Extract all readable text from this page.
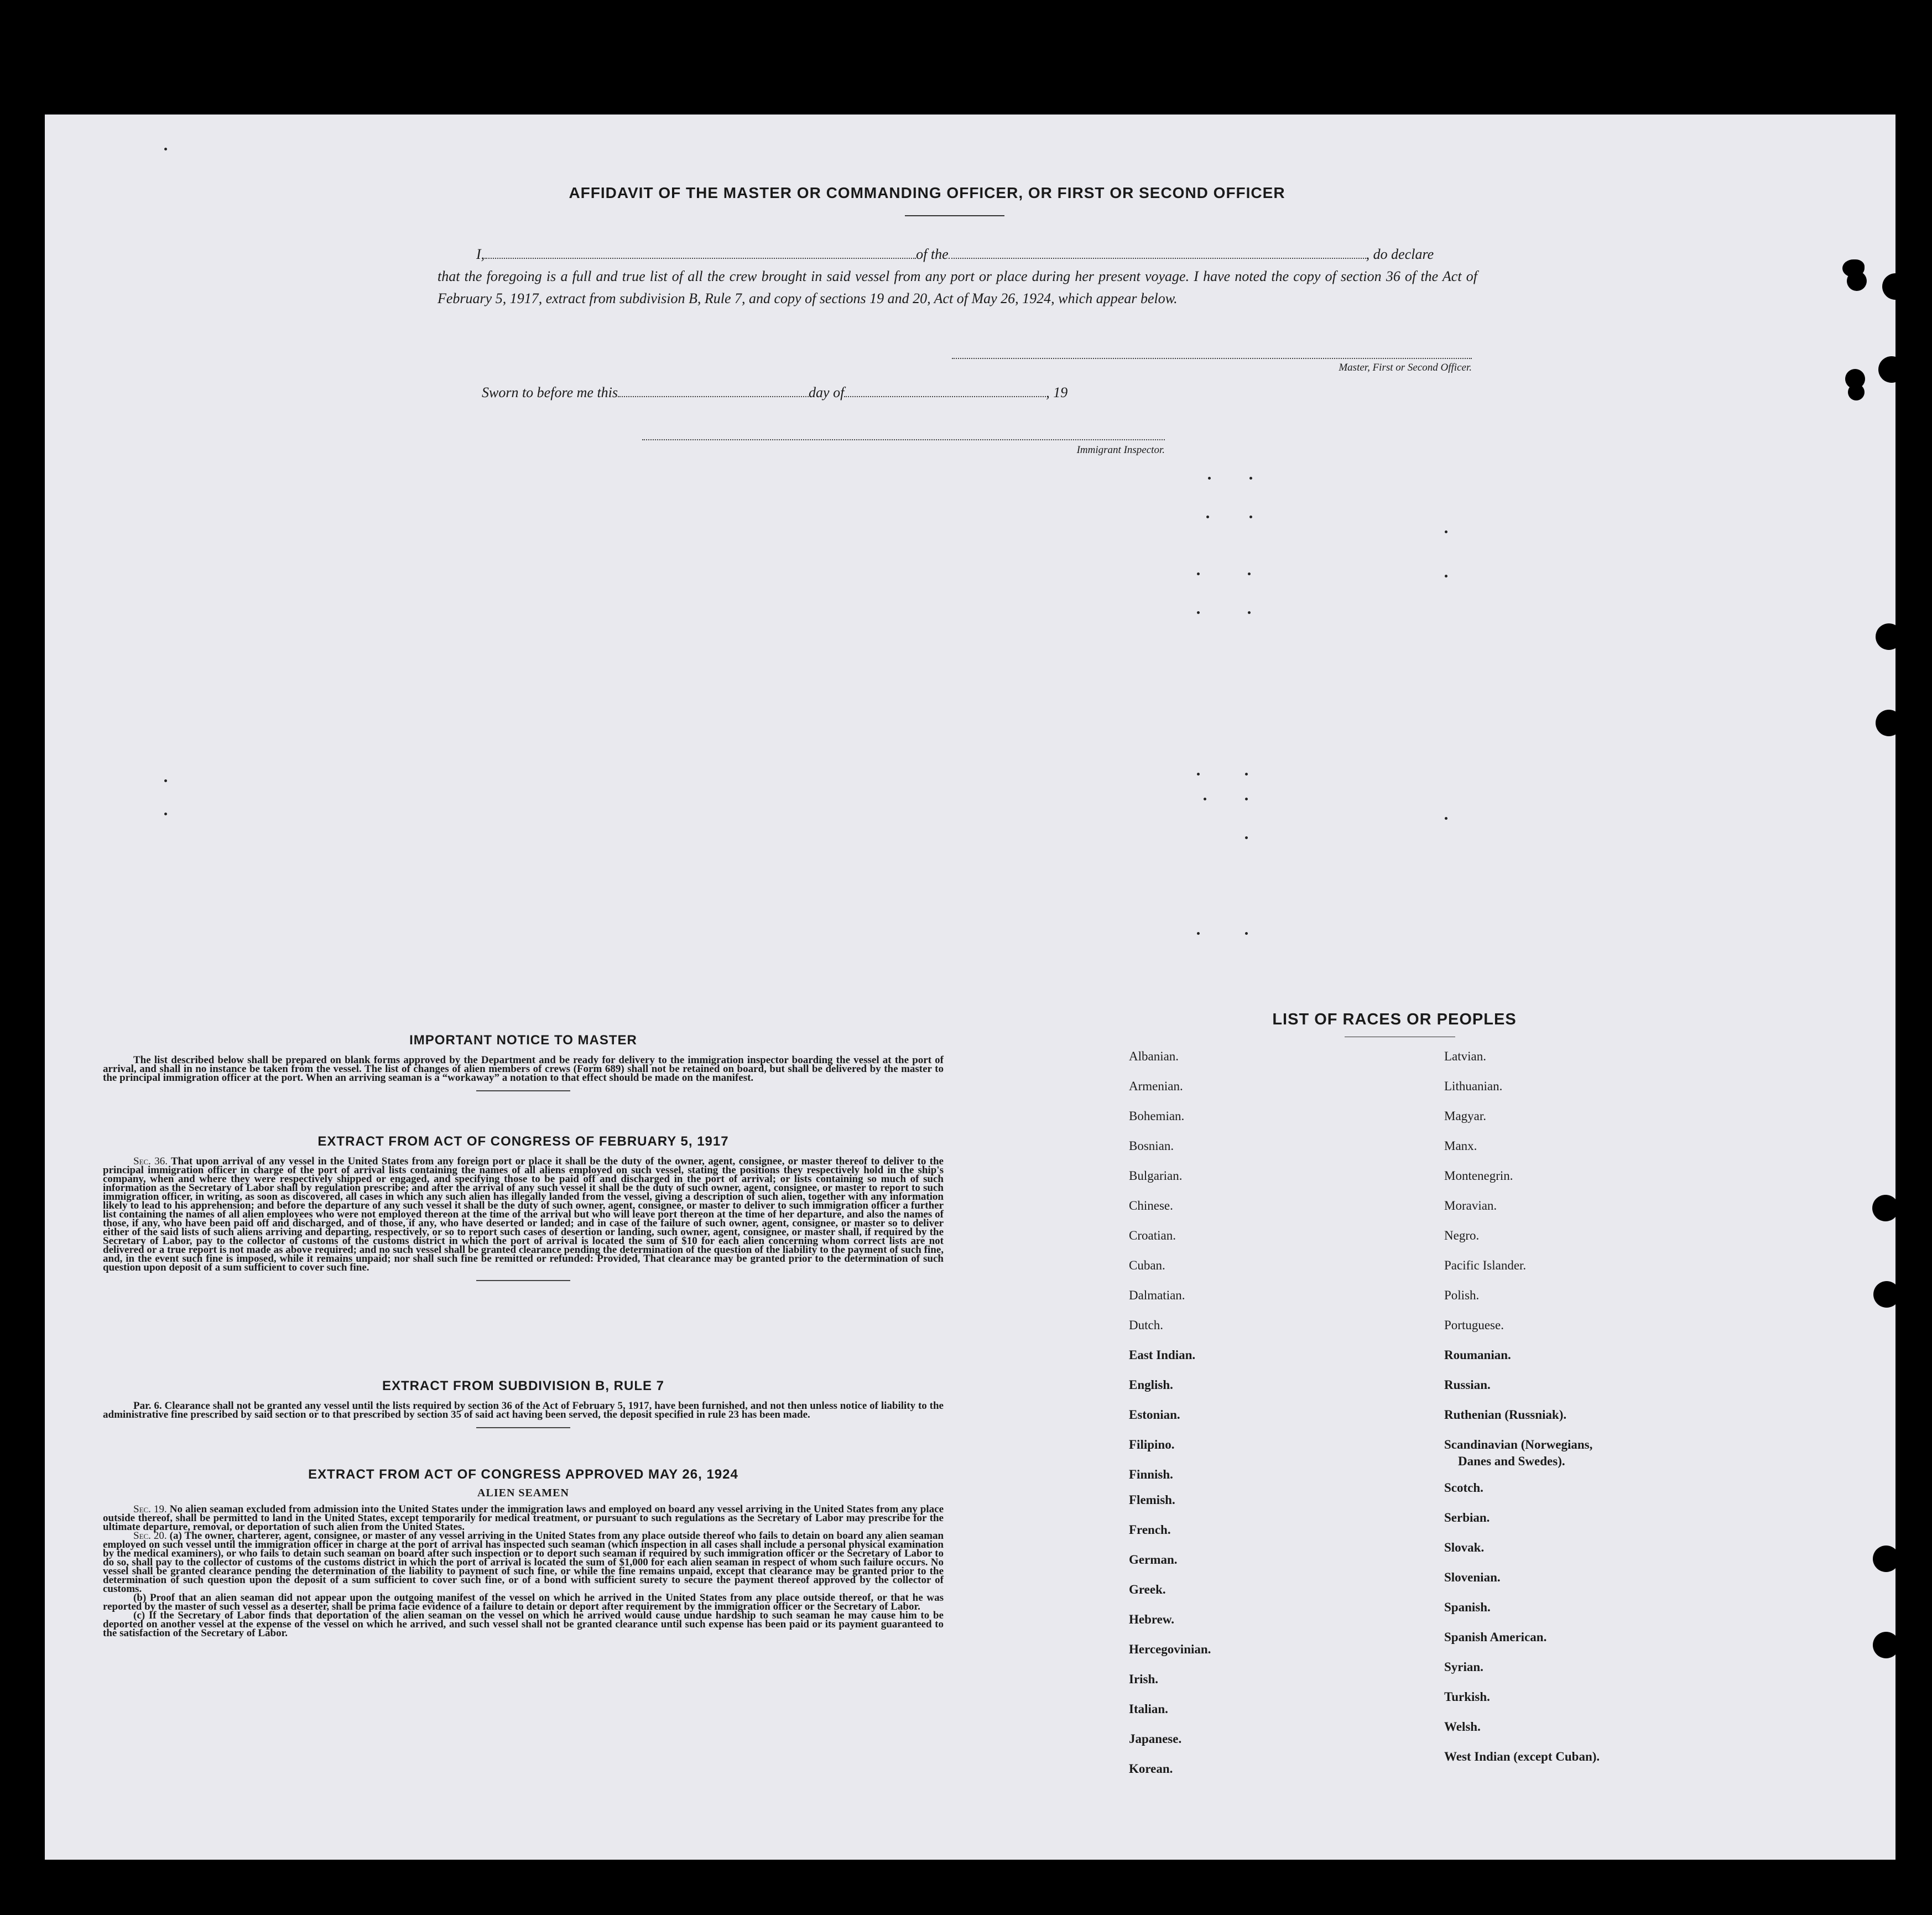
AFFIDAVIT OF THE MASTER OR COMMANDING OFFICER, OR FIRST OR SECOND OFFICER
I,	of the	, do declare
that the foregoing is a full and true list of all the crew brought in said vessel from any port or place during her present voyage. I have noted the copy of section 36 of the Act of February 5, 1917, extract from subdivision B, Rule 7, and copy of sections 19 and 20, Act of May 26, 1924, which appear below.
Master, First or Second Officer.
Sworn to before me this	day of	, 19
Immigrant Inspector.
IMPORTANT NOTICE TO MASTER
The list described below shall be prepared on blank forms approved by the Department and be ready for delivery to the immigration inspector boarding the vessel at the port of arrival, and shall in no instance be taken from the vessel. The list of changes of alien members of crews (Form 689) shall not be retained on board, but shall be delivered by the master to the principal immigration officer at the port. When an arriving seaman is a “workaway” a notation to that effect should be made on the manifest.
EXTRACT FROM ACT OF CONGRESS OF FEBRUARY 5, 1917
Sec. 36. That upon arrival of any vessel in the United States from any foreign port or place it shall be the duty of the owner, agent, consignee, or master thereof to deliver to the principal immigration officer in charge of the port of arrival lists containing the names of all aliens employed on such vessel, stating the positions they respectively hold in the ship's company, when and where they were respectively shipped or engaged, and specifying those to be paid off and discharged in the port of arrival; or lists containing so much of such information as the Secretary of Labor shall by regulation prescribe; and after the arrival of any such vessel it shall be the duty of such owner, agent, consignee, or master to report to such immigration officer, in writing, as soon as discovered, all cases in which any such alien has illegally landed from the vessel, giving a description of such alien, together with any information likely to lead to his apprehension; and before the departure of any such vessel it shall be the duty of such owner, agent, consignee, or master to deliver to such immigration officer a further list containing the names of all alien employees who were not employed thereon at the time of the arrival but who will leave port thereon at the time of her departure, and also the names of those, if any, who have been paid off and discharged, and of those, if any, who have deserted or landed; and in case of the failure of such owner, agent, consignee, or master so to deliver either of the said lists of such aliens arriving and departing, respectively, or so to report such cases of desertion or landing, such owner, agent, consignee, or master shall, if required by the Secretary of Labor, pay to the collector of customs of the customs district in which the port of arrival is located the sum of $10 for each alien concerning whom correct lists are not delivered or a true report is not made as above required; and no such vessel shall be granted clearance pending the determination of the question of the liability to the payment of such fine, and, in the event such fine is imposed, while it remains unpaid; nor shall such fine be remitted or refunded: Provided, That clearance may be granted prior to the determination of such question upon deposit of a sum sufficient to cover such fine.
EXTRACT FROM SUBDIVISION B, RULE 7
Par. 6. Clearance shall not be granted any vessel until the lists required by section 36 of the Act of February 5, 1917, have been furnished, and not then unless notice of liability to the administrative fine prescribed by said section or to that prescribed by section 35 of said act having been served, the deposit specified in rule 23 has been made.
EXTRACT FROM ACT OF CONGRESS APPROVED MAY 26, 1924
ALIEN SEAMEN
Sec. 19. No alien seaman excluded from admission into the United States under the immigration laws and employed on board any vessel arriving in the United States from any place outside thereof, shall be permitted to land in the United States, except temporarily for medical treatment, or pursuant to such regulations as the Secretary of Labor may prescribe for the ultimate departure, removal, or deportation of such alien from the United States.
Sec. 20. (a) The owner, charterer, agent, consignee, or master of any vessel arriving in the United States from any place outside thereof who fails to detain on board any alien seaman employed on such vessel until the immigration officer in charge at the port of arrival has inspected such seaman (which inspection in all cases shall include a personal physical examination by the medical examiners), or who fails to detain such seaman on board after such inspection or to deport such seaman if required by such immigration officer or the Secretary of Labor to do so, shall pay to the collector of customs of the customs district in which the port of arrival is located the sum of $1,000 for each alien seaman in respect of whom such failure occurs. No vessel shall be granted clearance pending the determination of the liability to payment of such fine, or while the fine remains unpaid, except that clearance may be granted prior to the determination of such question upon the deposit of a sum sufficient to cover such fine, or of a bond with sufficient surety to secure the payment thereof approved by the collector of customs.
(b) Proof that an alien seaman did not appear upon the outgoing manifest of the vessel on which he arrived in the United States from any place outside thereof, or that he was reported by the master of such vessel as a deserter, shall be prima facie evidence of a failure to detain or deport after requirement by the immigration officer or the Secretary of Labor.
(c) If the Secretary of Labor finds that deportation of the alien seaman on the vessel on which he arrived would cause undue hardship to such seaman he may cause him to be deported on another vessel at the expense of the vessel on which he arrived, and such vessel shall not be granted clearance until such expense has been paid or its payment guaranteed to the satisfaction of the Secretary of Labor.
LIST OF RACES OR PEOPLES
Albanian.
Armenian.
Bohemian.
Bosnian.
Bulgarian.
Chinese.
Croatian.
Cuban.
Dalmatian.
Dutch.
East Indian.
English.
Estonian.
Filipino.
Finnish.
Flemish.
French.
German.
Greek.
Hebrew.
Hercegovinian.
Irish.
Italian.
Japanese.
Korean.
Latvian.
Lithuanian.
Magyar.
Manx.
Montenegrin.
Moravian.
Negro.
Pacific Islander.
Polish.
Portuguese.
Roumanian.
Russian.
Ruthenian (Russniak).
Scandinavian (Norwegians,
Danes and Swedes).
Scotch.
Serbian.
Slovak.
Slovenian.
Spanish.
Spanish American.
Syrian.
Turkish.
Welsh.
West Indian (except Cuban).
